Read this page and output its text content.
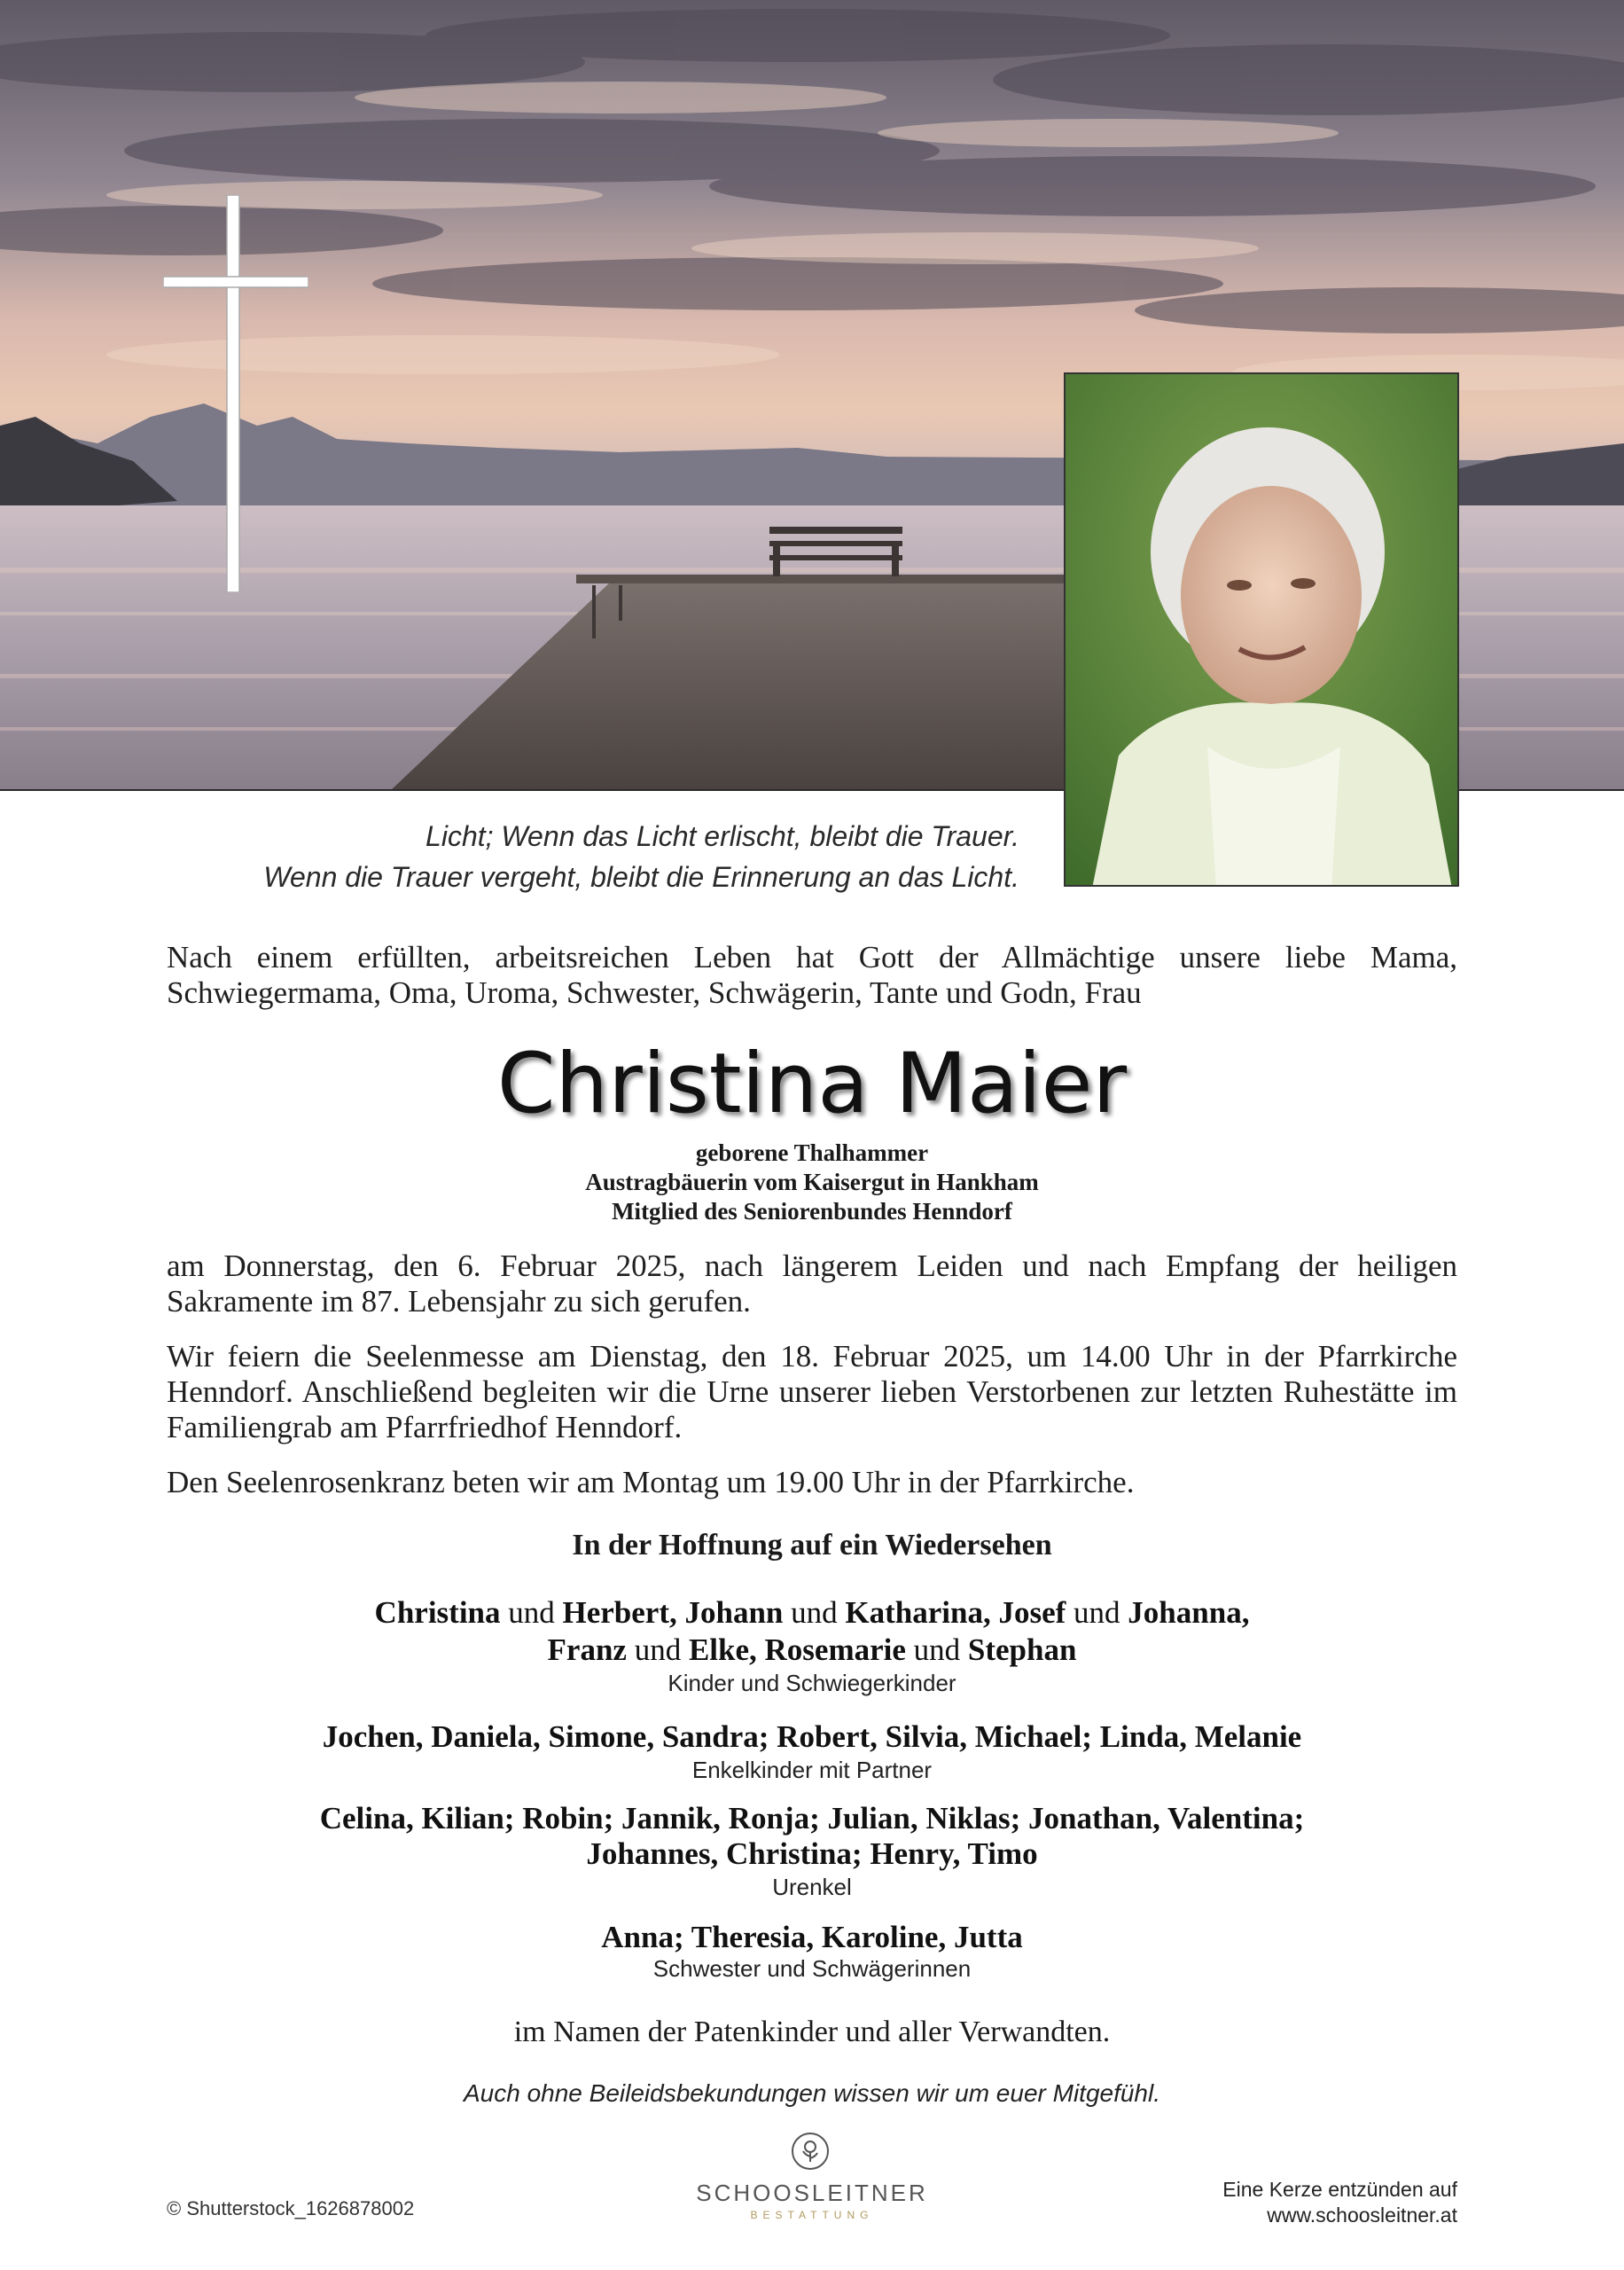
Licht; Wenn das Licht erlischt, bleibt die Trauer.
Wenn die Trauer vergeht, bleibt die Erinnerung an das Licht.
Nach einem erfüllten, arbeitsreichen Leben hat Gott der Allmächtige unsere liebe Mama, Schwiegermama, Oma, Uroma, Schwester, Schwägerin, Tante und Godn, Frau
Christina Maier
geborene Thalhammer
Austragbäuerin vom Kaisergut in Hankham
Mitglied des Seniorenbundes Henndorf
am Donnerstag, den 6. Februar 2025, nach längerem Leiden und nach Empfang der heiligen Sakramente im 87. Lebensjahr zu sich gerufen.
Wir feiern die Seelenmesse am Dienstag, den 18. Februar 2025, um 14.00 Uhr in der Pfarrkirche Henndorf. Anschließend begleiten wir die Urne unserer lieben Verstorbenen zur letzten Ruhestätte im Familiengrab am Pfarrfriedhof Henndorf.
Den Seelenrosenkranz beten wir am Montag um 19.00 Uhr in der Pfarrkirche.
In der Hoffnung auf ein Wiedersehen
Christina und Herbert, Johann und Katharina, Josef und Johanna,
Franz und Elke, Rosemarie und Stephan
Kinder und Schwiegerkinder
Jochen, Daniela, Simone, Sandra; Robert, Silvia, Michael; Linda, Melanie
Enkelkinder mit Partner
Celina, Kilian; Robin; Jannik, Ronja; Julian, Niklas; Jonathan, Valentina;
Johannes, Christina; Henry, Timo
Urenkel
Anna; Theresia, Karoline, Jutta
Schwester und Schwägerinnen
im Namen der Patenkinder und aller Verwandten.
Auch ohne Beileidsbekundungen wissen wir um euer Mitgefühl.
© Shutterstock_1626878002
SCHOOSLEITNER
BESTATTUNG
Eine Kerze entzünden auf
www.schoosleitner.at
